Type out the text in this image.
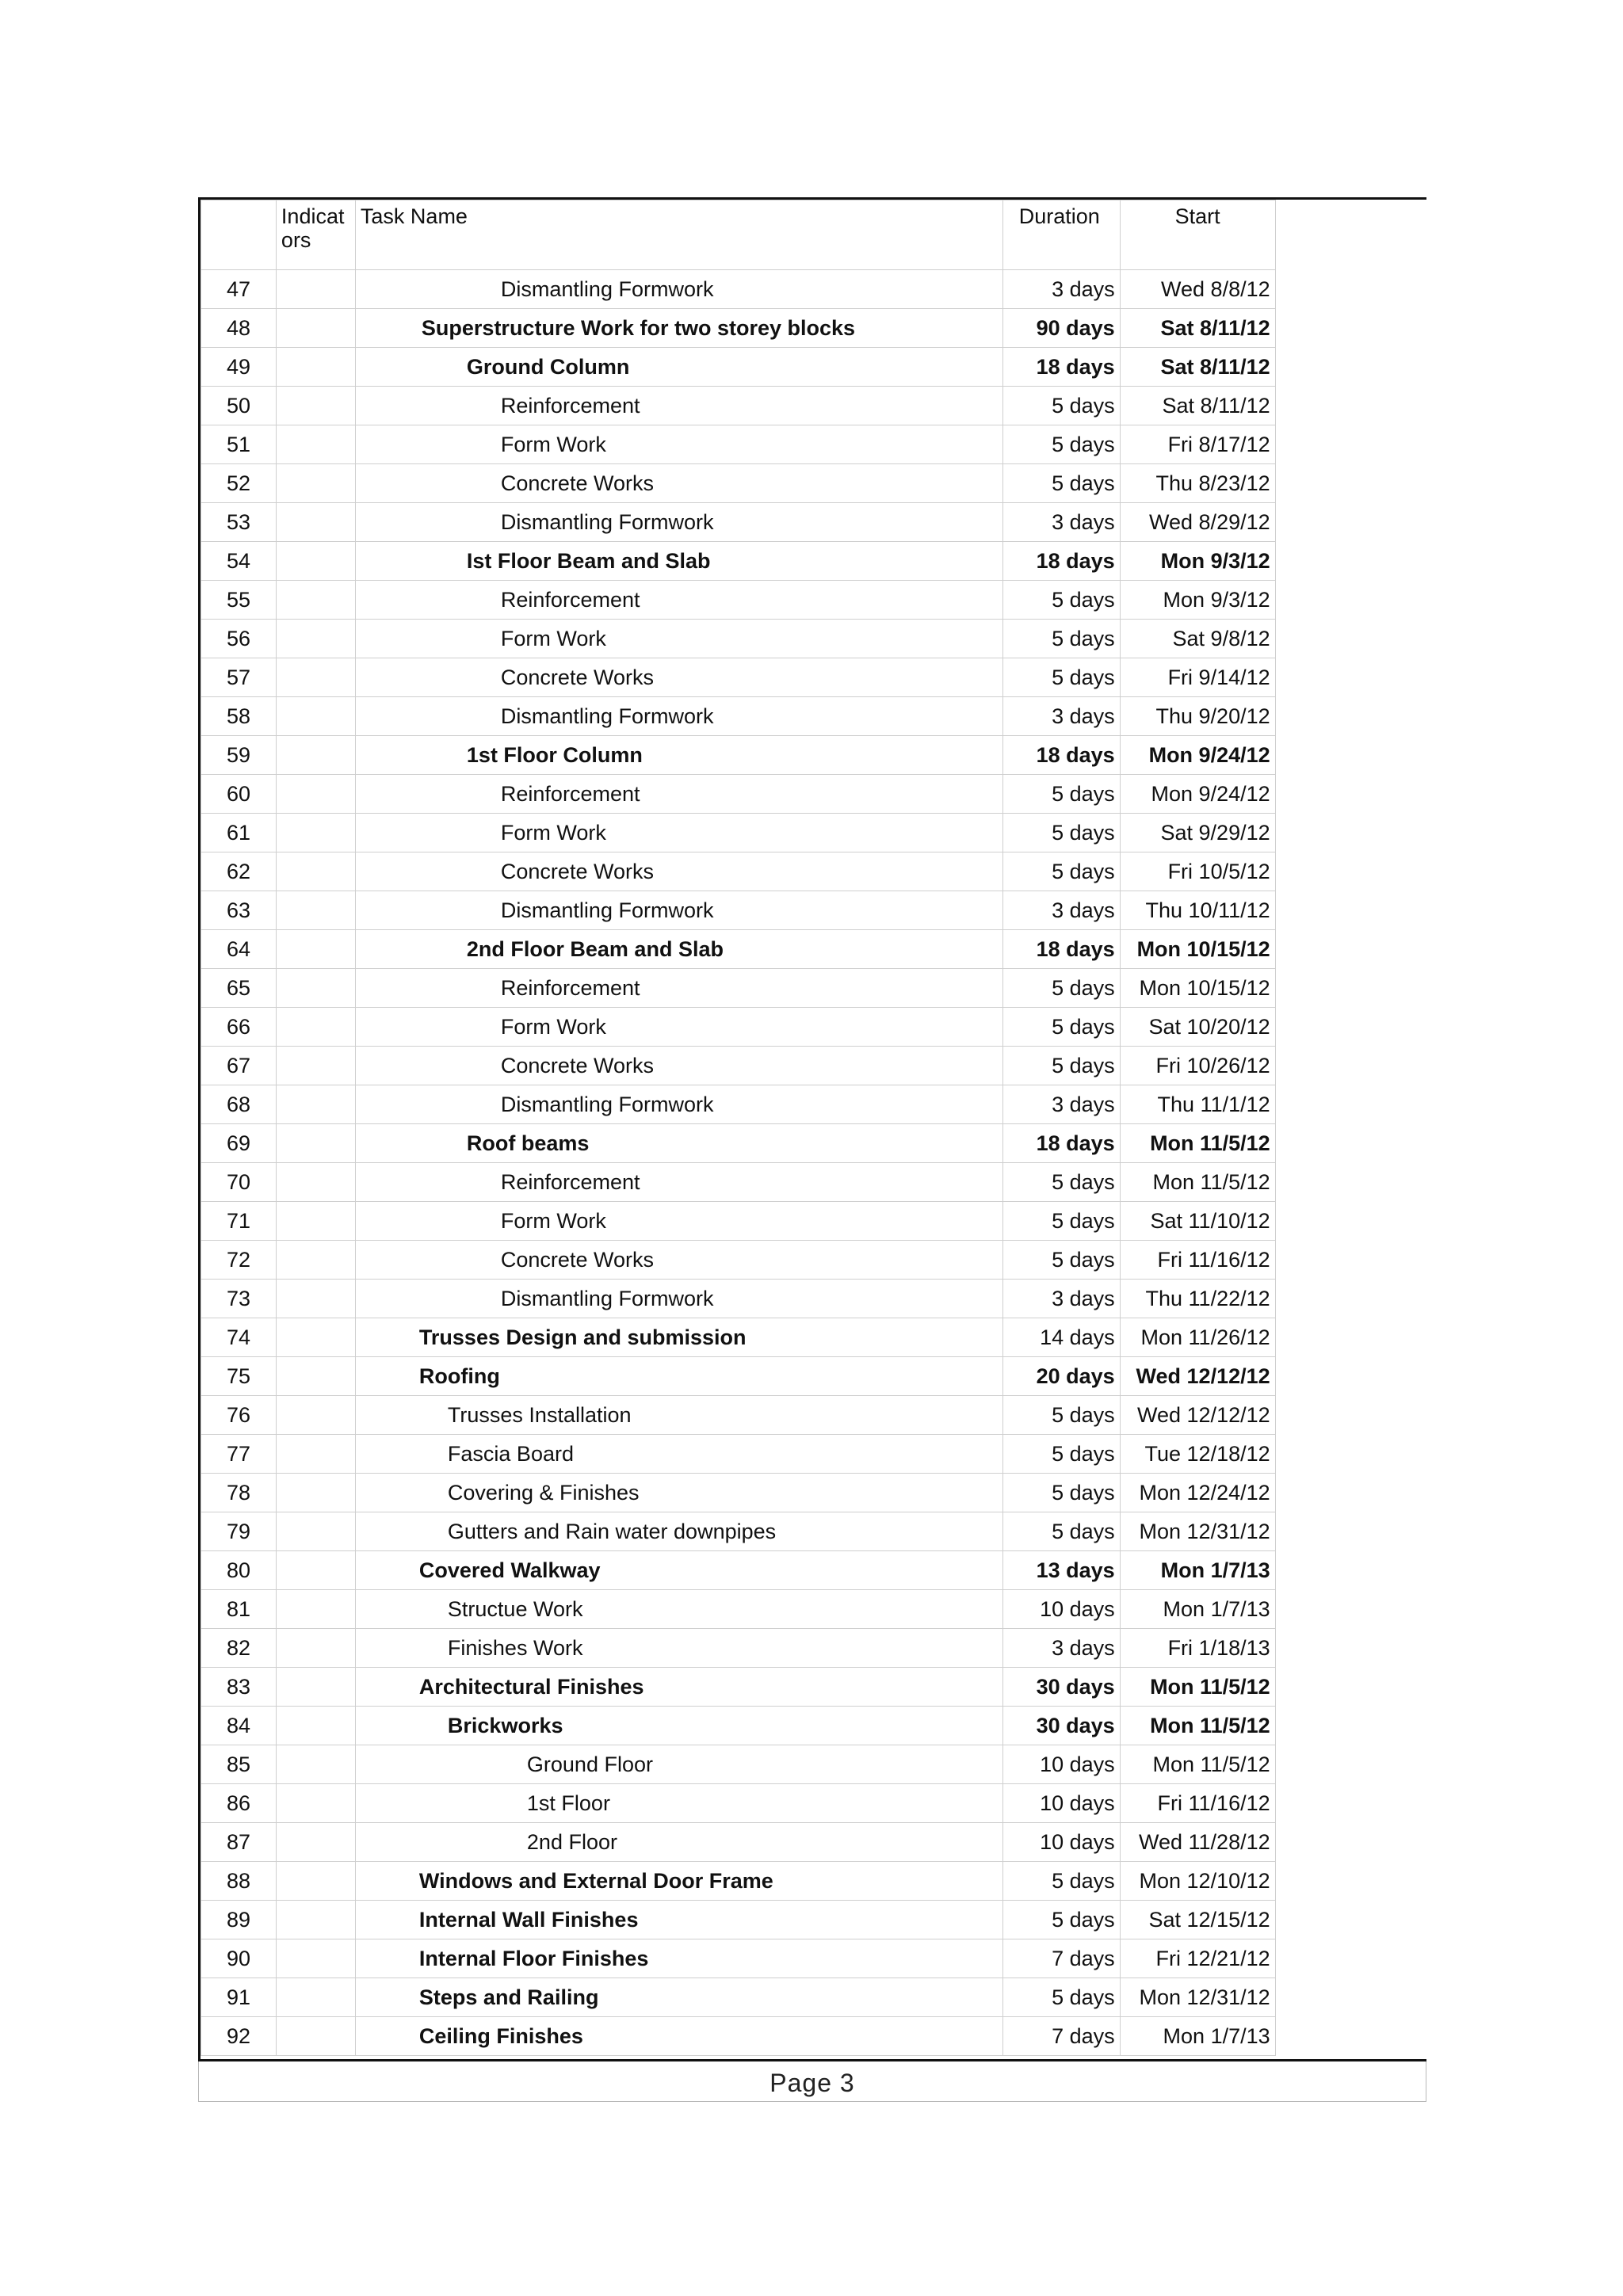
	Indicators	Task Name	Duration	Start	
47		Dismantling Formwork	3 days	Wed 8/8/12	
48		Superstructure Work for two storey blocks	90 days	Sat 8/11/12	
49		Ground Column	18 days	Sat 8/11/12	
50		Reinforcement	5 days	Sat 8/11/12	
51		Form Work	5 days	Fri 8/17/12	
52		Concrete Works	5 days	Thu 8/23/12	
53		Dismantling Formwork	3 days	Wed 8/29/12	
54		Ist Floor Beam and Slab	18 days	Mon 9/3/12	
55		Reinforcement	5 days	Mon 9/3/12	
56		Form Work	5 days	Sat 9/8/12	
57		Concrete Works	5 days	Fri 9/14/12	
58		Dismantling Formwork	3 days	Thu 9/20/12	
59		1st Floor Column	18 days	Mon 9/24/12	
60		Reinforcement	5 days	Mon 9/24/12	
61		Form Work	5 days	Sat 9/29/12	
62		Concrete Works	5 days	Fri 10/5/12	
63		Dismantling Formwork	3 days	Thu 10/11/12	
64		2nd Floor Beam and Slab	18 days	Mon 10/15/12	
65		Reinforcement	5 days	Mon 10/15/12	
66		Form Work	5 days	Sat 10/20/12	
67		Concrete Works	5 days	Fri 10/26/12	
68		Dismantling Formwork	3 days	Thu 11/1/12	
69		Roof beams	18 days	Mon 11/5/12	
70		Reinforcement	5 days	Mon 11/5/12	
71		Form Work	5 days	Sat 11/10/12	
72		Concrete Works	5 days	Fri 11/16/12	
73		Dismantling Formwork	3 days	Thu 11/22/12	
74		Trusses Design and submission	14 days	Mon 11/26/12	
75		Roofing	20 days	Wed 12/12/12	
76		Trusses Installation	5 days	Wed 12/12/12	
77		Fascia Board	5 days	Tue 12/18/12	
78		Covering & Finishes	5 days	Mon 12/24/12	
79		Gutters and Rain water downpipes	5 days	Mon 12/31/12	
80		Covered Walkway	13 days	Mon 1/7/13	
81		Structue Work	10 days	Mon 1/7/13	
82		Finishes Work	3 days	Fri 1/18/13	
83		Architectural Finishes	30 days	Mon 11/5/12	
84		Brickworks	30 days	Mon 11/5/12	
85		Ground Floor	10 days	Mon 11/5/12	
86		1st Floor	10 days	Fri 11/16/12	
87		2nd Floor	10 days	Wed 11/28/12	
88		Windows and External Door Frame	5 days	Mon 12/10/12	
89		Internal Wall Finishes	5 days	Sat 12/15/12	
90		Internal Floor Finishes	7 days	Fri 12/21/12	
91		Steps and Railing	5 days	Mon 12/31/12	
92		Ceiling Finishes	7 days	Mon 1/7/13	
Page 3
